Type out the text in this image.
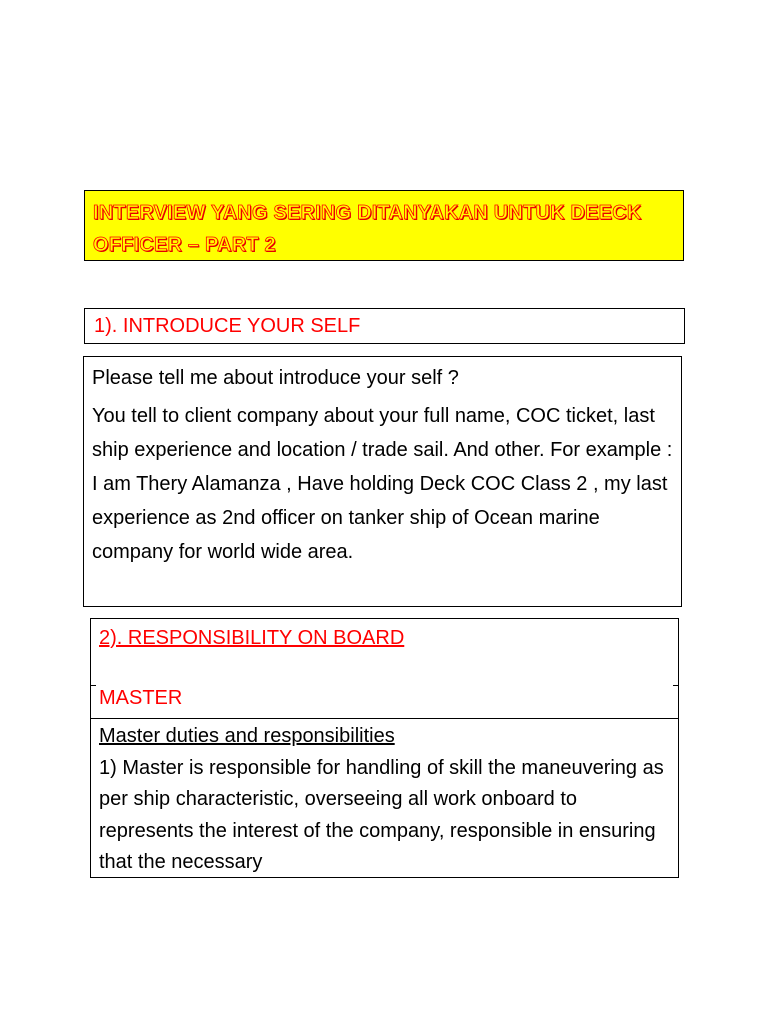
INTERVIEW YANG SERING DITANYAKAN UNTUK DEECK OFFICER – PART 2
1). INTRODUCE YOUR SELF

Please tell me about introduce your self ?

You tell to client company about your full name, COC ticket, last ship experience and location / trade sail. And other. For example : I am Thery Alamanza , Have holding Deck COC Class 2 , my last experience as 2nd officer on tanker ship of Ocean marine company for world wide area.

2). RESPONSIBILITY ON BOARD
MASTER
Master duties and responsibilities
1) Master is responsible for handling of skill the maneuvering as per ship characteristic, overseeing all work onboard to represents the interest of the company, responsible in ensuring that the necessary
